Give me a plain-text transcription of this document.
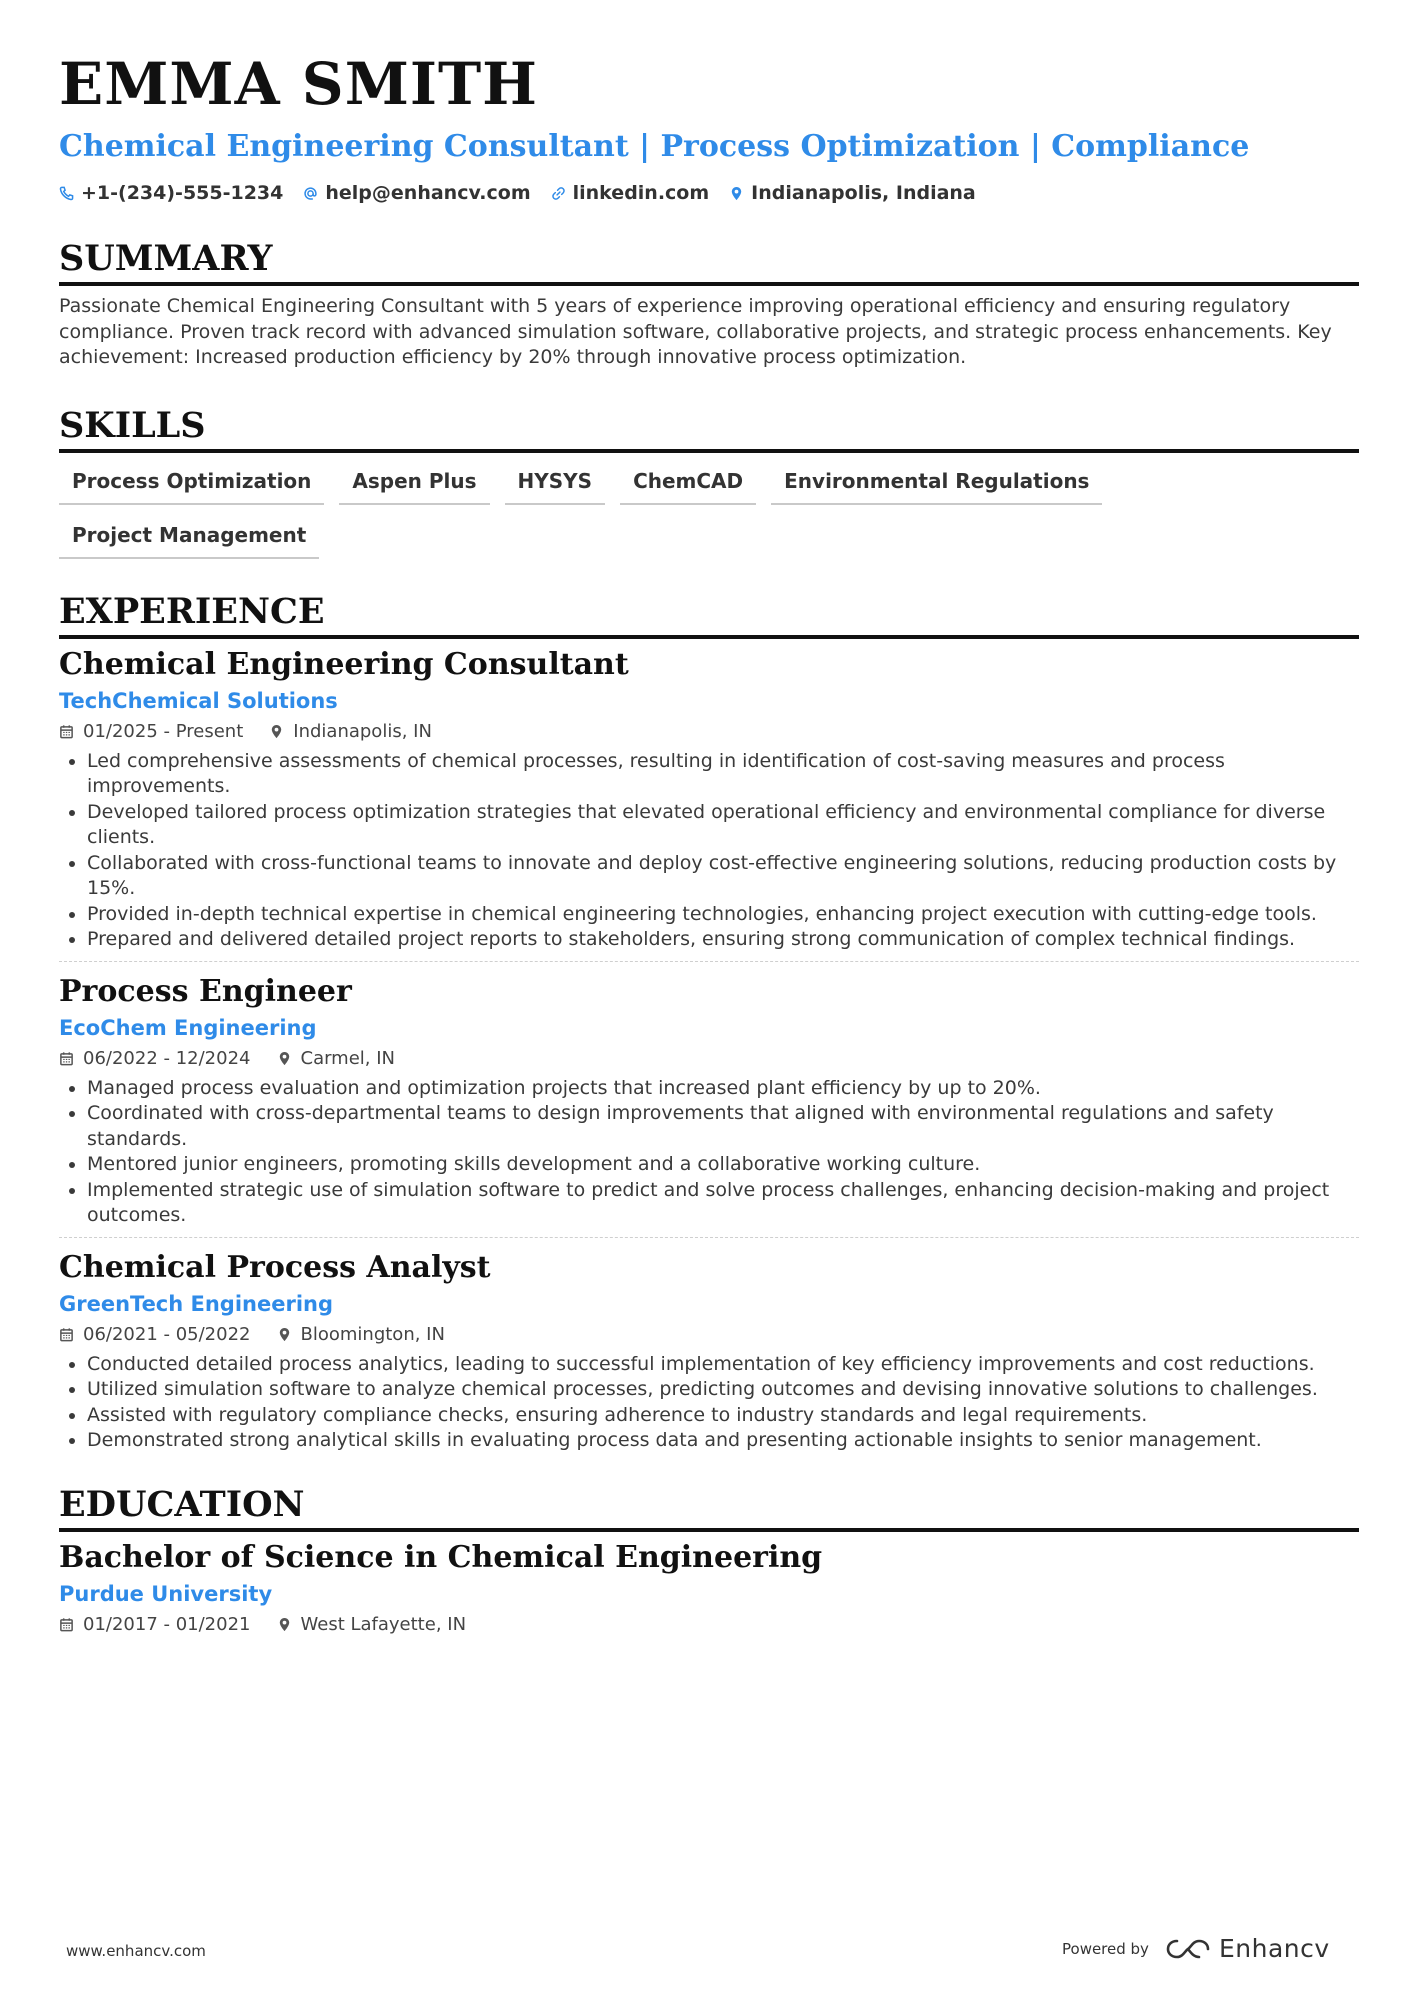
EMMA SMITH

Chemical Engineering Consultant | Process Optimization | Compliance

+1-(234)-555-1234 help@enhancv.com linkedin.com Indianapolis, Indiana
SUMMARY

Passionate Chemical Engineering Consultant with 5 years of experience improving operational efficiency and ensuring regulatory compliance. Proven track record with advanced simulation software, collaborative projects, and strategic process enhancements. Key achievement: Increased production efficiency by 20% through innovative process optimization.

SKILLS
Process Optimization	Aspen Plus	HYSYS	ChemCAD	Environmental Regulations
Project Management
EXPERIENCE
Chemical Engineering Consultant

TechChemical Solutions

01/2025 - Present	Indianapolis, IN
• Led comprehensive assessments of chemical processes, resulting in identification of cost-saving measures and process improvements.
• Developed tailored process optimization strategies that elevated operational efficiency and environmental compliance for diverse clients.
• Collaborated with cross-functional teams to innovate and deploy cost-effective engineering solutions, reducing production costs by 15%.
• Provided in-depth technical expertise in chemical engineering technologies, enhancing project execution with cutting-edge tools.
• Prepared and delivered detailed project reports to stakeholders, ensuring strong communication of complex technical findings.
Process Engineer

EcoChem Engineering

06/2022 - 12/2024	Carmel, IN
• Managed process evaluation and optimization projects that increased plant efficiency by up to 20%.
• Coordinated with cross-departmental teams to design improvements that aligned with environmental regulations and safety standards.
• Mentored junior engineers, promoting skills development and a collaborative working culture.
• Implemented strategic use of simulation software to predict and solve process challenges, enhancing decision-making and project outcomes.
Chemical Process Analyst

GreenTech Engineering

06/2021 - 05/2022	Bloomington, IN
• Conducted detailed process analytics, leading to successful implementation of key efficiency improvements and cost reductions.
• Utilized simulation software to analyze chemical processes, predicting outcomes and devising innovative solutions to challenges.
• Assisted with regulatory compliance checks, ensuring adherence to industry standards and legal requirements.
• Demonstrated strong analytical skills in evaluating process data and presenting actionable insights to senior management.
EDUCATION
Bachelor of Science in Chemical Engineering

Purdue University

01/2017 - 01/2021	West Lafayette, IN
www.enhancv.com	Powered by	Enhancv
